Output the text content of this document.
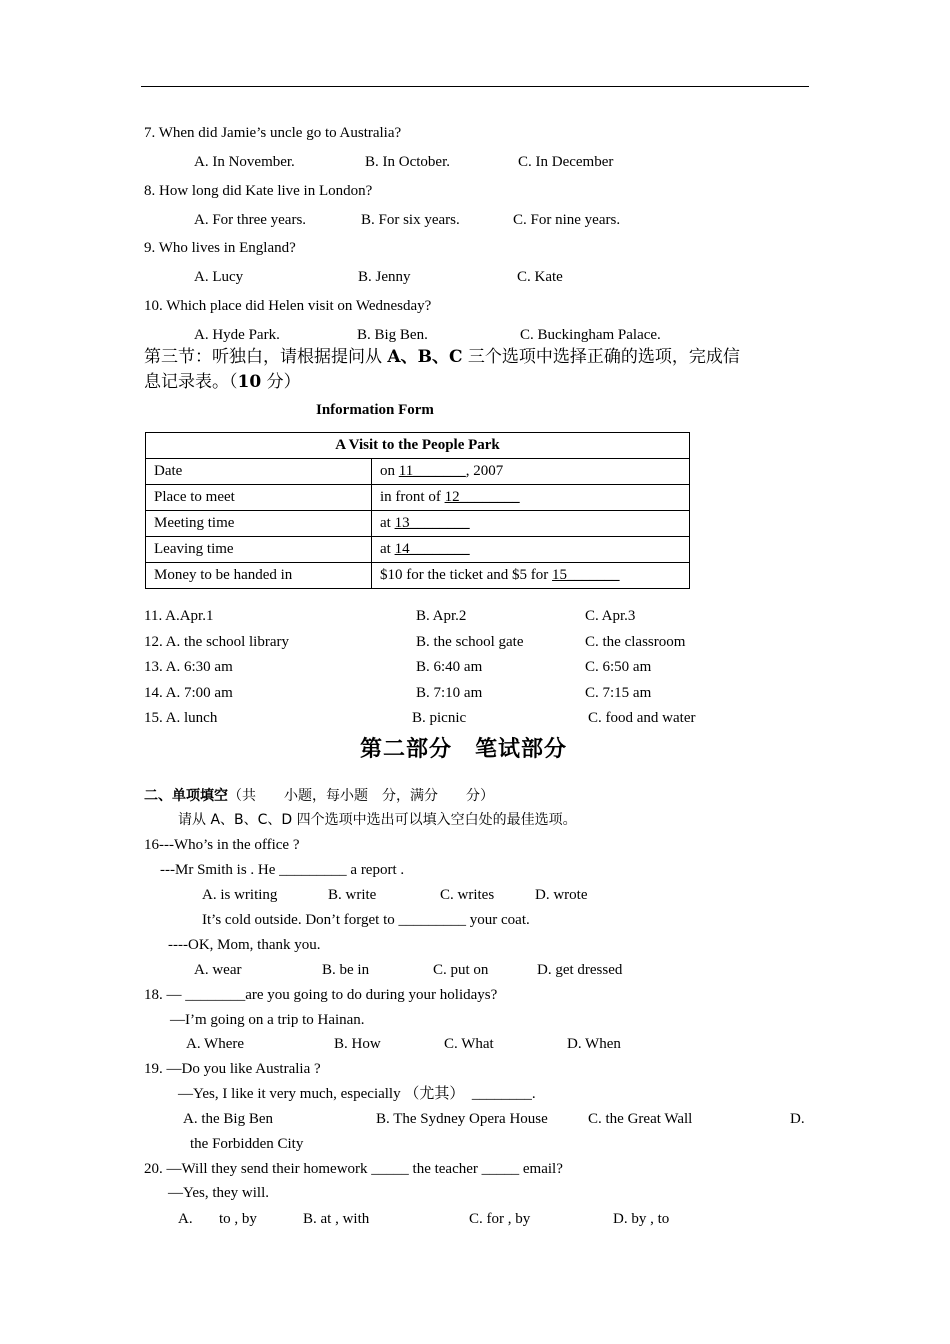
7. When did Jamie’s uncle go to Australia?
A. In November.	B. In October.	C. In December
8. How long did Kate live in London?
A. For three years.	B. For six years.	C. For nine years.
9. Who lives in England?
A. Lucy	B. Jenny	C. Kate
10. Which place did Helen visit on Wednesday?
A. Hyde Park.	B. Big Ben.	C. Buckingham Palace.
第三节：听独白，请根据提问从 A、B、C 三个选项中选择正确的选项，完成信
息记录表。（10 分）
Information Form
A Visit to the People Park	
Date	on 11_______, 2007
Place to meet	in front of 12________
Meeting time	at 13________
Leaving time	at 14________
Money to be handed in	$10 for the ticket and $5 for 15_______
11. A.Apr.1	B. Apr.2	C. Apr.3
12. A. the school library	B. the school gate	C. the classroom
13. A. 6:30 am	B. 6:40 am	C. 6:50 am
14. A. 7:00 am	B. 7:10 am	C. 7:15 am
15. A. lunch	B. picnic	C. food and water
第二部分　笔试部分
二、单项填空（共　　小题，每小题　分，满分　　分）
请从 A、B、C、D 四个选项中选出可以填入空白处的最佳选项。
16---Who’s in the office ?
---Mr Smith is . He _________ a report .
A. is writing	B. write	C. writes	D. wrote
It’s cold outside. Don’t forget to _________ your coat.
----OK, Mom, thank you.
A. wear	B. be in	C. put on	D. get dressed
18. — ________are you going to do during your holidays?
—I’m going on a trip to Hainan.
A. Where	B. How	C. What	D. When
19. —Do you like Australia ?
—Yes, I like it very much, especially （尤其）  ________.
A. the Big Ben	B. The Sydney Opera House	C. the Great Wall	D.
the Forbidden City
20. —Will they send their homework _____ the teacher _____ email?
—Yes, they will.
A. to , by	B. at , with	C. for , by	D. by , to
